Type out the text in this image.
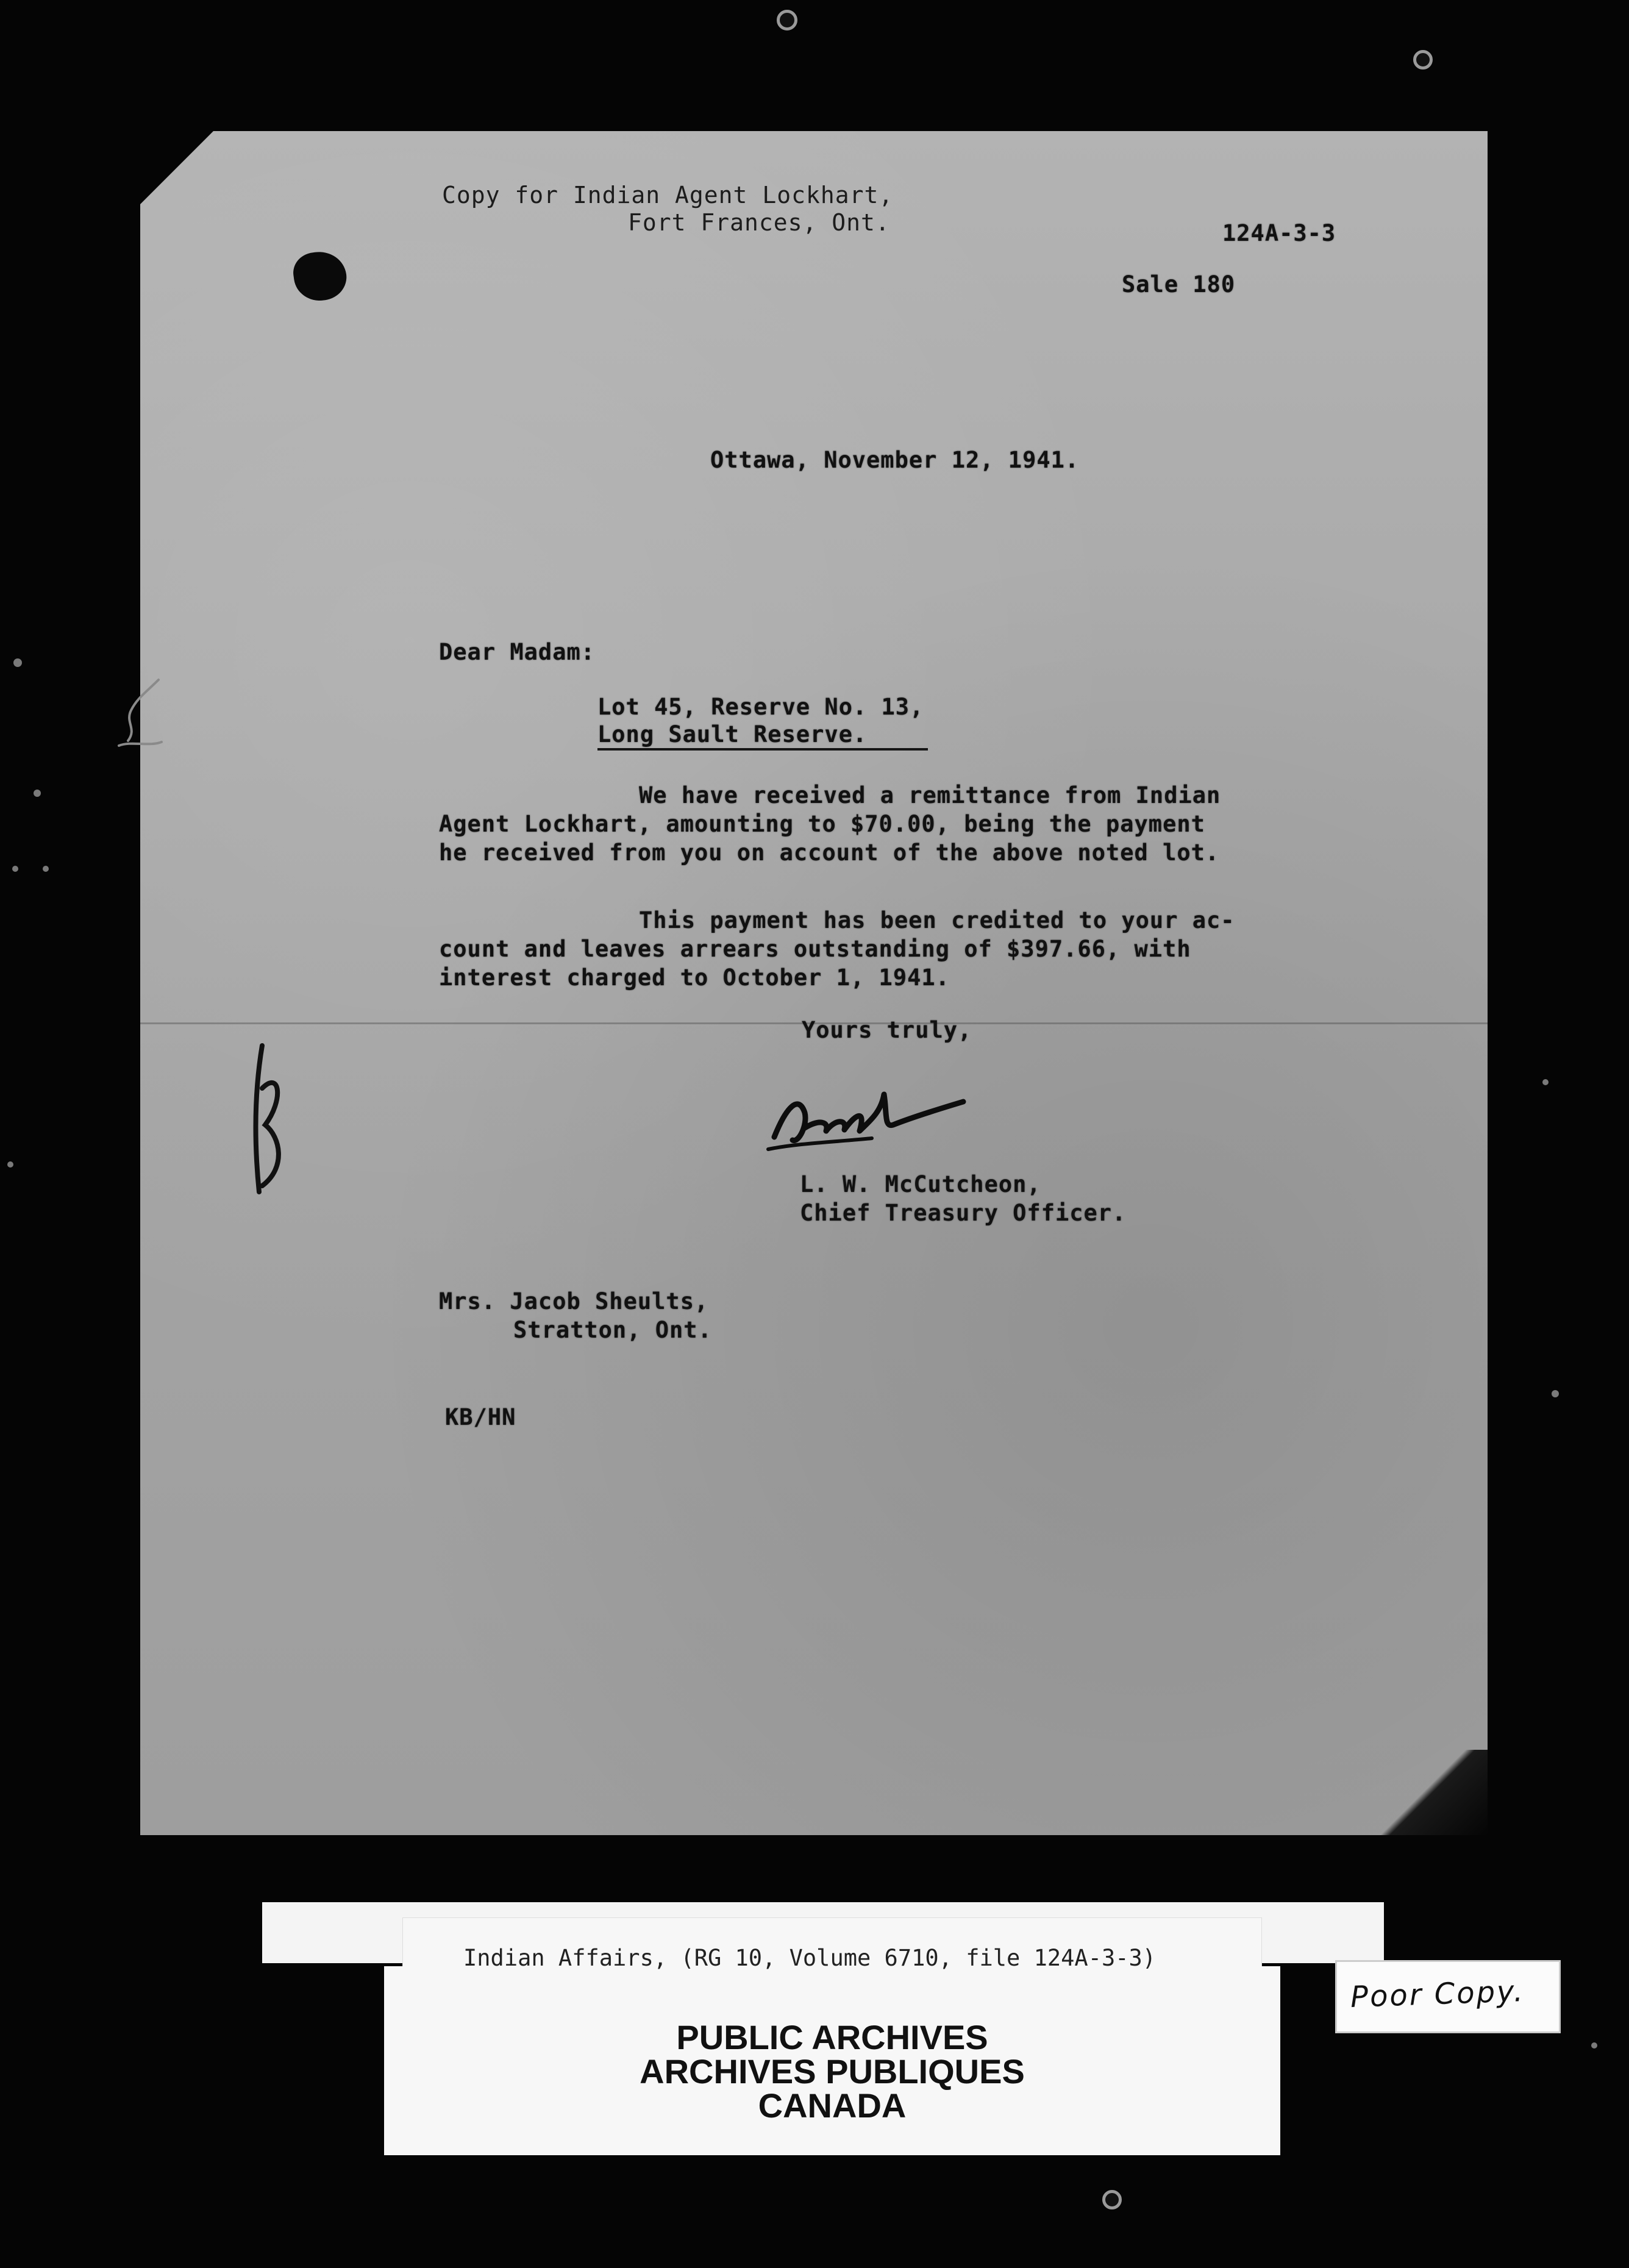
Copy for Indian Agent Lockhart,
Fort Frances, Ont.	124A-3-3
Sale 180
Ottawa, November 12, 1941.
Dear Madam:
Lot 45, Reserve No. 13,
Long Sault Reserve.
We have received a remittance from Indian
Agent Lockhart, amounting to $70.00, being the payment
he received from you on account of the above noted lot.
This payment has been credited to your ac-
count and leaves arrears outstanding of $397.66, with
interest charged to October 1, 1941.
Yours truly,
L. W. McCutcheon,
Chief Treasury Officer.
Mrs. Jacob Sheults,
Stratton, Ont.
KB/HN
Indian Affairs, (RG 10, Volume 6710, file 124A-3-3)
PUBLIC ARCHIVES
ARCHIVES PUBLIQUES
CANADA
Poor Copy.
